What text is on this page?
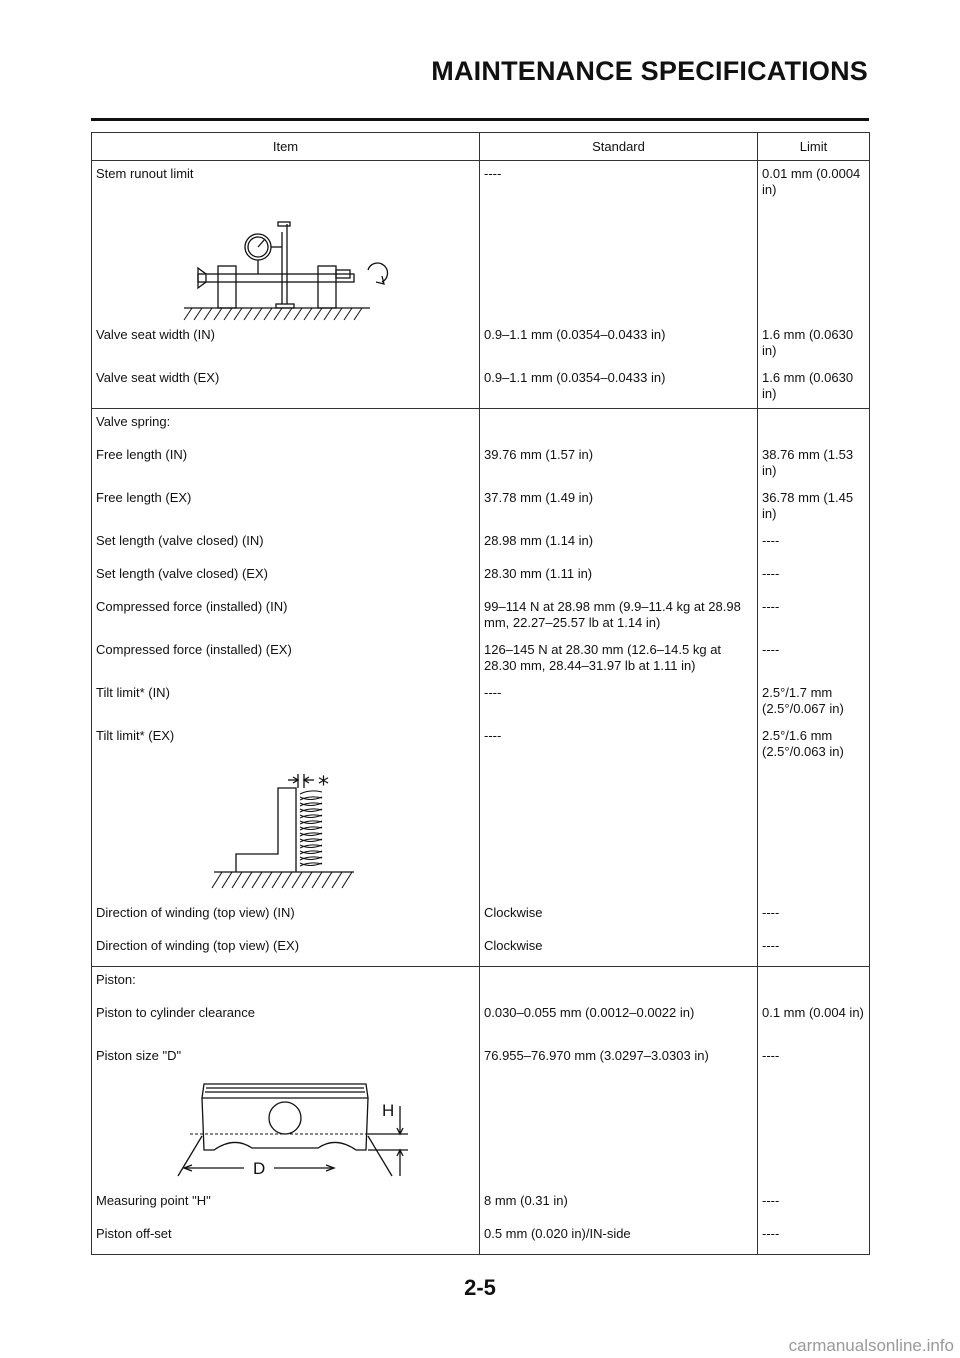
MAINTENANCE SPECIFICATIONS
Item	Standard	Limit
Stem runout limit	----	0.01 mm (0.0004 in)

Valve seat width (IN)	0.9–1.1 mm (0.0354–0.0433 in)	1.6 mm (0.0630 in)
Valve seat width (EX)	0.9–1.1 mm (0.0354–0.0433 in)	1.6 mm (0.0630 in)
Valve spring:		
Free length (IN)	39.76 mm (1.57 in)	38.76 mm (1.53 in)
Free length (EX)	37.78 mm (1.49 in)	36.78 mm (1.45 in)
Set length (valve closed) (IN)	28.98 mm (1.14 in)	----
Set length (valve closed) (EX)	28.30 mm (1.11 in)	----
Compressed force (installed) (IN)	99–114 N at 28.98 mm (9.9–11.4 kg at 28.98 mm, 22.27–25.57 lb at 1.14 in)	----
Compressed force (installed) (EX)	126–145 N at 28.30 mm (12.6–14.5 kg at 28.30 mm, 28.44–31.97 lb at 1.11 in)	----
Tilt limit* (IN)	----	2.5°/1.7 mm (2.5°/0.067 in)
Tilt limit* (EX)	----	2.5°/1.6 mm (2.5°/0.063 in)

*		

Direction of winding (top view) (IN)	Clockwise	----
Direction of winding (top view) (EX)	Clockwise	----
Piston:		
Piston to cylinder clearance	0.030–0.055 mm (0.0012–0.0022 in)	0.1 mm (0.004 in)
Piston size "D"	76.955–76.970 mm (3.0297–3.0303 in)	----

H
D		

Measuring point "H"	8 mm (0.31 in)	----
Piston off-set	0.5 mm (0.020 in)/IN-side	----
2-5
carmanualsonline.info
